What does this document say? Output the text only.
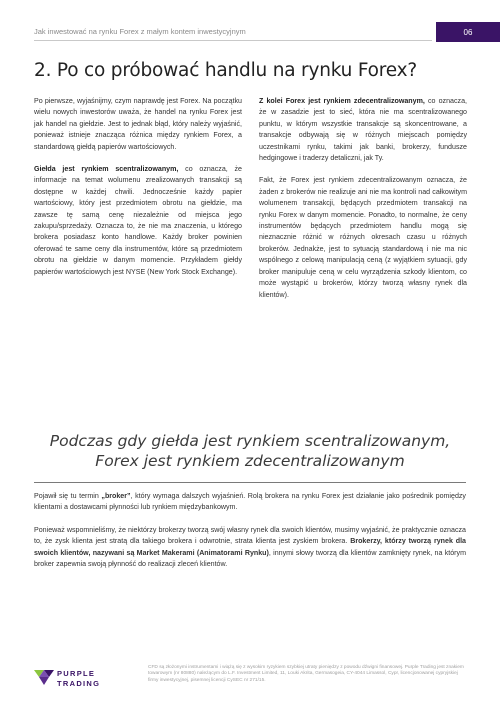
Jak inwestować na rynku Forex z małym kontem inwestycyjnym	06
2. Po co próbować handlu na rynku Forex?

Po pierwsze, wyjaśnijmy, czym naprawdę jest Forex. Na początku wielu nowych inwestorów uważa, że handel na rynku Forex jest jak handel na giełdzie. Jest to jednak błąd, który należy wyjaśnić, ponieważ istnieje znacząca różnica między rynkiem Forex, a standardową giełdą papierów wartościowych.

Giełda jest rynkiem scentralizowanym, co oznacza, że informacje na temat wolumenu zrealizowanych transakcji są dostępne w każdej chwili. Jednocześnie każdy papier wartościowy, który jest przedmiotem obrotu na giełdzie, ma zawsze tę samą cenę niezależnie od miejsca jego zakupu/sprzedaży. Oznacza to, że nie ma znaczenia, u którego brokera posiadasz konto handlowe. Każdy broker powinien oferować te same ceny dla instrumentów, które są przedmiotem obrotu na giełdzie w danym momencie. Przykładem giełdy papierów wartościowych jest NYSE (New York Stock Exchange).

Z kolei Forex jest rynkiem zdecentralizowanym, co oznacza, że w zasadzie jest to sieć, która nie ma scentralizowanego punktu, w którym wszystkie transakcje są skoncentrowane, a transakcje odbywają się w różnych miejscach pomiędzy uczestnikami rynku, takimi jak banki, brokerzy, fundusze hedgingowe i traderzy detaliczni, jak Ty.

Fakt, że Forex jest rynkiem zdecentralizowanym oznacza, że żaden z brokerów nie realizuje ani nie ma kontroli nad całkowitym wolumenem transakcji, będących przedmiotem transakcji na rynku Forex w danym momencie. Ponadto, to normalne, że ceny instrumentów będących przedmiotem handlu mogą się nieznacznie różnić w różnych okresach czasu u różnych brokerów. Jednakże, jest to sytuacją standardową i nie ma nic wspólnego z celową manipulacją ceną (z wyjątkiem sytuacji, gdy broker manipuluje ceną w celu wyrządzenia szkody klientom, co może wystąpić u brokerów, którzy tworzą własny rynek dla klientów).

Podczas gdy giełda jest rynkiem scentralizowanym,
Forex jest rynkiem zdecentralizowanym

Pojawił się tu termin „broker”, który wymaga dalszych wyjaśnień. Rolą brokera na rynku Forex jest działanie jako pośrednik pomiędzy klientami a dostawcami płynności lub rynkiem międzybankowym.

Ponieważ wspomnieliśmy, że niektórzy brokerzy tworzą swój własny rynek dla swoich klientów, musimy wyjaśnić, że praktycznie oznacza to, że zysk klienta jest stratą dla takiego brokera i odwrotnie, strata klienta jest zyskiem brokera. Brokerzy, którzy tworzą rynek dla swoich klientów, nazywani są Market Makerami (Animatorami Rynku), innymi słowy tworzą dla klientów zamknięty rynek, na którym broker zapewnia swoją płynność do realizacji zleceń klientów.

PURPLE
TRADING
CFD są złożonymi instrumentami i wiążą się z wysokim ryzykiem szybkiej utraty pieniędzy z powodu dźwigni finansowej. Purple Trading jest znakiem towarowym (nr 80880) należącym do L.F. Investment Limited, 11, Louki Akrita, Germasogeia, CY-4044 Limassol, Cypr, licencjonowanej cypryjskiej firmy inwestycyjnej, pisemnej licencji CySEC nr 271/15.
